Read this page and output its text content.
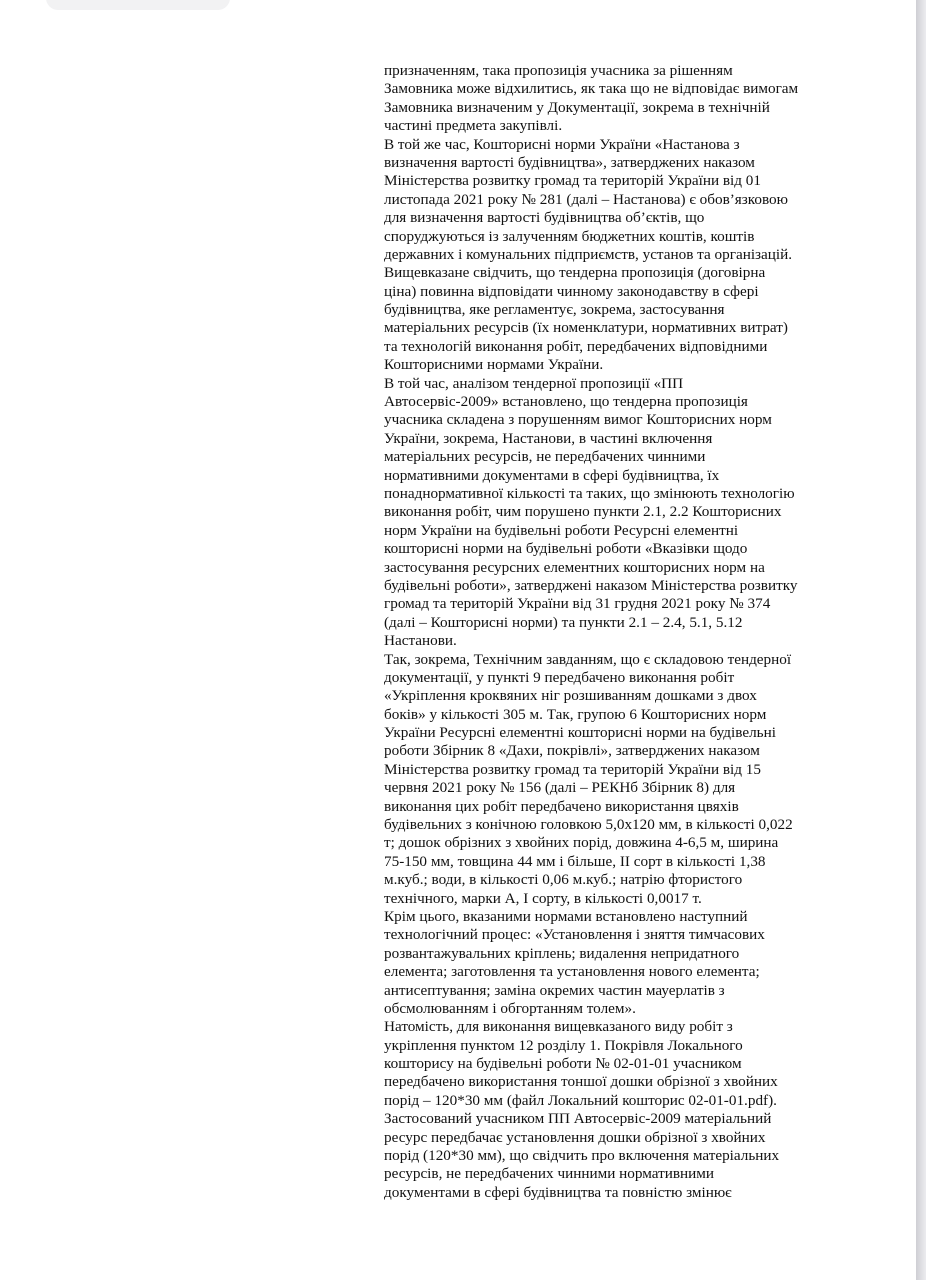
призначенням, така пропозиція учасника за рішенням
Замовника може відхилитись, як така що не відповідає вимогам
Замовника визначеним у Документації, зокрема в технічній
частині предмета закупівлі.
В той же час, Кошторисні норми України «Настанова з
визначення вартості будівництва», затверджених наказом
Міністерства розвитку громад та територій України від 01
листопада 2021 року № 281 (далі – Настанова) є обов’язковою
для визначення вартості будівництва об’єктів, що
споруджуються із залученням бюджетних коштів, коштів
державних і комунальних підприємств, установ та організацій.
Вищевказане свідчить, що тендерна пропозиція (договірна
ціна) повинна відповідати чинному законодавству в сфері
будівництва, яке регламентує, зокрема, застосування
матеріальних ресурсів (їх номенклатури, нормативних витрат)
та технологій виконання робіт, передбачених відповідними
Кошторисними нормами України.
В той час, аналізом тендерної пропозиції «ПП
Автосервіс-2009» встановлено, що тендерна пропозиція
учасника складена з порушенням вимог Кошторисних норм
України, зокрема, Настанови, в частині включення
матеріальних ресурсів, не передбачених чинними
нормативними документами в сфері будівництва, їх
понаднормативної кількості та таких, що змінюють технологію
виконання робіт, чим порушено пункти 2.1, 2.2 Кошторисних
норм України на будівельні роботи Ресурсні елементні
кошторисні норми на будівельні роботи «Вказівки щодо
застосування ресурсних елементних кошторисних норм на
будівельні роботи», затверджені наказом Міністерства розвитку
громад та територій України від 31 грудня 2021 року № 374
(далі – Кошторисні норми) та пункти 2.1 – 2.4, 5.1, 5.12
Настанови.
Так, зокрема, Технічним завданням, що є складовою тендерної
документації, у пункті 9 передбачено виконання робіт
«Укріплення кроквяних ніг розшиванням дошками з двох
боків» у кількості 305 м. Так, групою 6 Кошторисних норм
України Ресурсні елементні кошторисні норми на будівельні
роботи Збірник 8 «Дахи, покрівлі», затверджених наказом
Міністерства розвитку громад та територій України від 15
червня 2021 року № 156 (далі – РЕКНб Збірник 8) для
виконання цих робіт передбачено використання цвяхів
будівельних з конічною головкою 5,0х120 мм, в кількості 0,022
т; дошок обрізних з хвойних порід, довжина 4-6,5 м, ширина
75-150 мм, товщина 44 мм і більше, II сорт в кількості 1,38
м.куб.; води, в кількості 0,06 м.куб.; натрію фтористого
технічного, марки А, І сорту, в кількості 0,0017 т.
Крім цього, вказаними нормами встановлено наступний
технологічний процес: «Установлення і зняття тимчасових
розвантажувальних кріплень; видалення непридатного
елемента; заготовлення та установлення нового елемента;
антисептування; заміна окремих частин мауерлатів з
обсмолюванням і обгортанням толем».
Натомість, для виконання вищевказаного виду робіт з
укріплення пунктом 12 розділу 1. Покрівля Локального
кошторису на будівельні роботи № 02-01-01 учасником
передбачено використання тоншої дошки обрізної з хвойних
порід – 120*30 мм (файл Локальний кошторис 02-01-01.pdf).
Застосований учасником ПП Автосервіс-2009 матеріальний
ресурс передбачає установлення дошки обрізної з хвойних
порід (120*30 мм), що свідчить про включення матеріальних
ресурсів, не передбачених чинними нормативними
документами в сфері будівництва та повністю змінює
